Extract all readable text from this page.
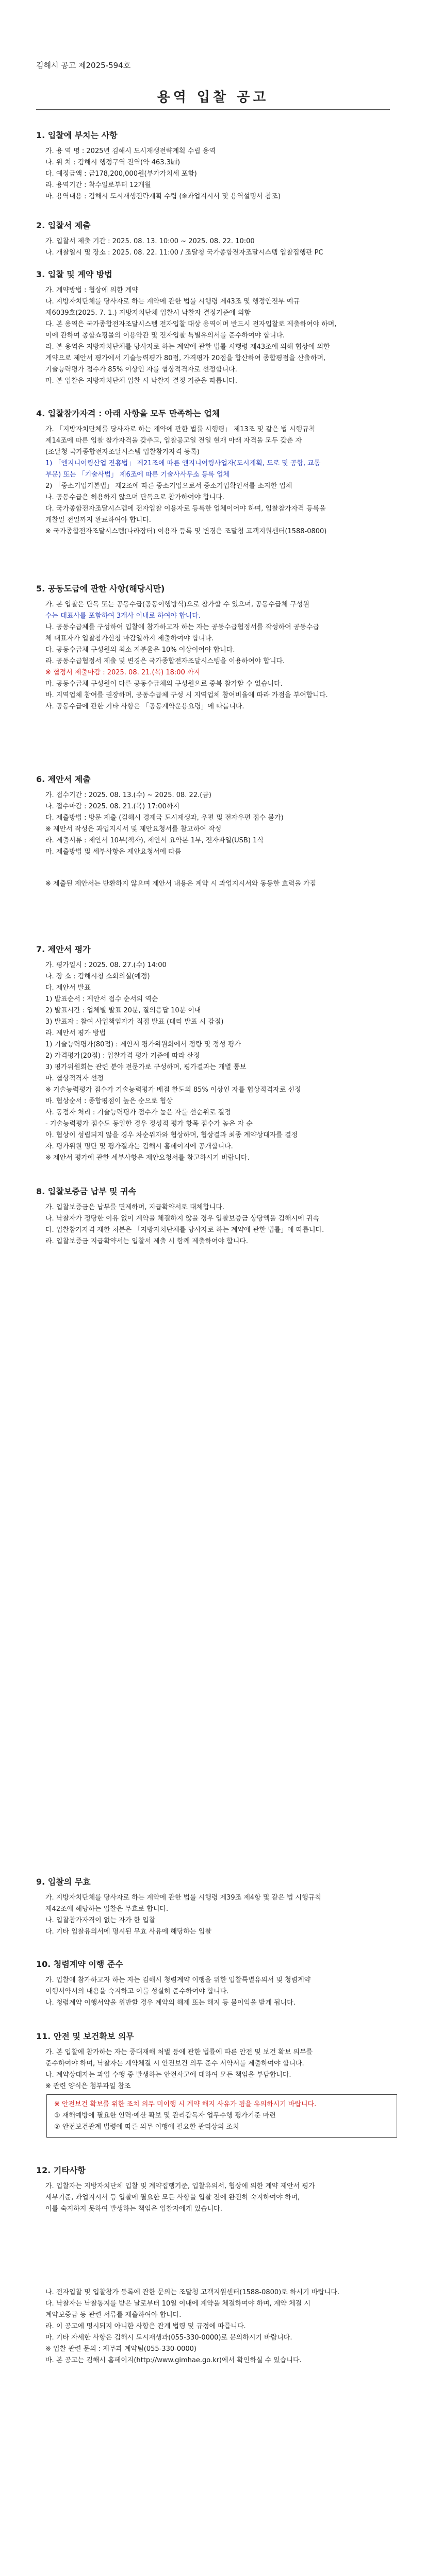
김해시 공고 제2025-594호
용역 입찰 공고
1. 입찰에 부치는 사항
가. 용 역 명 : 2025년 김해시 도시재생전략계획 수립 용역
나. 위 치 : 김해시 행정구역 전역(약 463.3㎢)
다. 예정금액 : 금178,200,000원(부가가치세 포함)
라. 용역기간 : 착수일로부터 12개월
마. 용역내용 : 김해시 도시재생전략계획 수립 (※과업지시서 및 용역설명서 참조)
2. 입찰서 제출
가. 입찰서 제출 기간 : 2025. 08. 13. 10:00 ~ 2025. 08. 22. 10:00
나. 개찰일시 및 장소 : 2025. 08. 22. 11:00 / 조달청 국가종합전자조달시스템 입찰집행관 PC
3. 입찰 및 계약 방법
가. 계약방법 : 협상에 의한 계약
나. 지방자치단체를 당사자로 하는 계약에 관한 법률 시행령 제43조 및 행정안전부 예규
제6039호(2025. 7. 1.) 지방자치단체 입찰시 낙찰자 결정기준에 의함
다. 본 용역은 국가종합전자조달시스템 전자입찰 대상 용역이며 반드시 전자입찰로 제출하여야 하며,
이에 관하여 종합쇼핑몰의 이용약관 및 전자입찰 특별유의서를 준수하여야 합니다.
라. 본 용역은 지방자치단체를 당사자로 하는 계약에 관한 법률 시행령 제43조에 의해 협상에 의한
계약으로 제안서 평가에서 기술능력평가 80점, 가격평가 20점을 합산하여 종합평점을 산출하며,
기술능력평가 점수가 85% 이상인 자를 협상적격자로 선정합니다.
마. 본 입찰은 지방자치단체 입찰 시 낙찰자 결정 기준을 따릅니다.
4. 입찰참가자격 : 아래 사항을 모두 만족하는 업체
가. 「지방자치단체를 당사자로 하는 계약에 관한 법률 시행령」 제13조 및 같은 법 시행규칙
제14조에 따른 입찰 참가자격을 갖추고, 입찰공고일 전일 현재 아래 자격을 모두 갖춘 자
(조달청 국가종합전자조달시스템 입찰참가자격 등록)
1) 「엔지니어링산업 진흥법」 제21조에 따른 엔지니어링사업자(도시계획, 도로 및 공항, 교통
부문) 또는 「기술사법」 제6조에 따른 기술사사무소 등록 업체
2) 「중소기업기본법」 제2조에 따른 중소기업으로서 중소기업확인서를 소지한 업체
나. 공동수급은 허용하지 않으며 단독으로 참가하여야 합니다.
다. 국가종합전자조달시스템에 전자입찰 이용자로 등록한 업체이어야 하며, 입찰참가자격 등록을
개찰일 전일까지 완료하여야 합니다.
※ 국가종합전자조달시스템(나라장터) 이용자 등록 및 변경은 조달청 고객지원센터(1588-0800)
5. 공동도급에 관한 사항(해당시만)
가. 본 입찰은 단독 또는 공동수급(공동이행방식)으로 참가할 수 있으며, 공동수급체 구성원
수는 대표사를 포함하여 3개사 이내로 하여야 합니다.
나. 공동수급체를 구성하여 입찰에 참가하고자 하는 자는 공동수급협정서를 작성하여 공동수급
체 대표자가 입찰참가신청 마감일까지 제출하여야 합니다.
다. 공동수급체 구성원의 최소 지분율은 10% 이상이어야 합니다.
라. 공동수급협정서 제출 및 변경은 국가종합전자조달시스템을 이용하여야 합니다.
※ 협정서 제출마감 : 2025. 08. 21.(목) 18:00 까지
마. 공동수급체 구성원이 다른 공동수급체의 구성원으로 중복 참가할 수 없습니다.
바. 지역업체 참여를 권장하며, 공동수급체 구성 시 지역업체 참여비율에 따라 가점을 부여합니다.
사. 공동수급에 관한 기타 사항은 「공동계약운용요령」에 따릅니다.
6. 제안서 제출
가. 접수기간 : 2025. 08. 13.(수) ~ 2025. 08. 22.(금)
나. 접수마감 : 2025. 08. 21.(목) 17:00까지
다. 제출방법 : 방문 제출 (김해시 경제국 도시재생과, 우편 및 전자우편 접수 불가)
※ 제안서 작성은 과업지시서 및 제안요청서를 참고하여 작성
라. 제출서류 : 제안서 10부(책자), 제안서 요약본 1부, 전자파일(USB) 1식
마. 제출방법 및 세부사항은 제안요청서에 따름
※ 제출된 제안서는 반환하지 않으며 제안서 내용은 계약 시 과업지시서와 동등한 효력을 가짐
7. 제안서 평가
가. 평가일시 : 2025. 08. 27.(수) 14:00
나. 장 소 : 김해시청 소회의실(예정)
다. 제안서 발표
1) 발표순서 : 제안서 접수 순서의 역순
2) 발표시간 : 업체별 발표 20분, 질의응답 10분 이내
3) 발표자 : 참여 사업책임자가 직접 발표 (대리 발표 시 감점)
라. 제안서 평가 방법
1) 기술능력평가(80점) : 제안서 평가위원회에서 정량 및 정성 평가
2) 가격평가(20점) : 입찰가격 평가 기준에 따라 산정
3) 평가위원회는 관련 분야 전문가로 구성하며, 평가결과는 개별 통보
마. 협상적격자 선정
※ 기술능력평가 점수가 기술능력평가 배점 한도의 85% 이상인 자를 협상적격자로 선정
바. 협상순서 : 종합평점이 높은 순으로 협상
사. 동점자 처리 : 기술능력평가 점수가 높은 자를 선순위로 결정
- 기술능력평가 점수도 동일한 경우 정성적 평가 항목 점수가 높은 자 순
아. 협상이 성립되지 않을 경우 차순위자와 협상하며, 협상결과 최종 계약상대자를 결정
자. 평가위원 명단 및 평가결과는 김해시 홈페이지에 공개합니다.
※ 제안서 평가에 관한 세부사항은 제안요청서를 참고하시기 바랍니다.
8. 입찰보증금 납부 및 귀속
가. 입찰보증금은 납부를 면제하며, 지급확약서로 대체합니다.
나. 낙찰자가 정당한 이유 없이 계약을 체결하지 않을 경우 입찰보증금 상당액을 김해시에 귀속
다. 입찰참가자격 제한 처분은 「지방자치단체를 당사자로 하는 계약에 관한 법률」에 따릅니다.
라. 입찰보증금 지급확약서는 입찰서 제출 시 함께 제출하여야 합니다.
9. 입찰의 무효
가. 지방자치단체를 당사자로 하는 계약에 관한 법률 시행령 제39조 제4항 및 같은 법 시행규칙
제42조에 해당하는 입찰은 무효로 합니다.
나. 입찰참가자격이 없는 자가 한 입찰
다. 기타 입찰유의서에 명시된 무효 사유에 해당하는 입찰
10. 청렴계약 이행 준수
가. 입찰에 참가하고자 하는 자는 김해시 청렴계약 이행을 위한 입찰특별유의서 및 청렴계약
이행서약서의 내용을 숙지하고 이를 성실히 준수하여야 합니다.
나. 청렴계약 이행서약을 위반할 경우 계약의 해제 또는 해지 등 불이익을 받게 됩니다.
11. 안전 및 보건확보 의무
가. 본 입찰에 참가하는 자는 중대재해 처벌 등에 관한 법률에 따른 안전 및 보건 확보 의무를
준수하여야 하며, 낙찰자는 계약체결 시 안전보건 의무 준수 서약서를 제출하여야 합니다.
나. 계약상대자는 과업 수행 중 발생하는 안전사고에 대하여 모든 책임을 부담합니다.
※ 관련 양식은 첨부파일 참조
※ 안전보건 확보를 위한 조치 의무 미이행 시 계약 해지 사유가 됨을 유의하시기 바랍니다.
① 재해예방에 필요한 인력·예산 확보 및 관리감독자 업무수행 평가기준 마련
② 안전보건관계 법령에 따른 의무 이행에 필요한 관리상의 조치
12. 기타사항
가. 입찰자는 지방자치단체 입찰 및 계약집행기준, 입찰유의서, 협상에 의한 계약 제안서 평가
세부기준, 과업지시서 등 입찰에 필요한 모든 사항을 입찰 전에 완전히 숙지하여야 하며,
이를 숙지하지 못하여 발생하는 책임은 입찰자에게 있습니다.
나. 전자입찰 및 입찰참가 등록에 관한 문의는 조달청 고객지원센터(1588-0800)로 하시기 바랍니다.
다. 낙찰자는 낙찰통지를 받은 날로부터 10일 이내에 계약을 체결하여야 하며, 계약 체결 시
계약보증금 등 관련 서류를 제출하여야 합니다.
라. 이 공고에 명시되지 아니한 사항은 관계 법령 및 규정에 따릅니다.
마. 기타 자세한 사항은 김해시 도시재생과(055-330-0000)로 문의하시기 바랍니다.
※ 입찰 관련 문의 : 재무과 계약팀(055-330-0000)
바. 본 공고는 김해시 홈페이지(http://www.gimhae.go.kr)에서 확인하실 수 있습니다.
